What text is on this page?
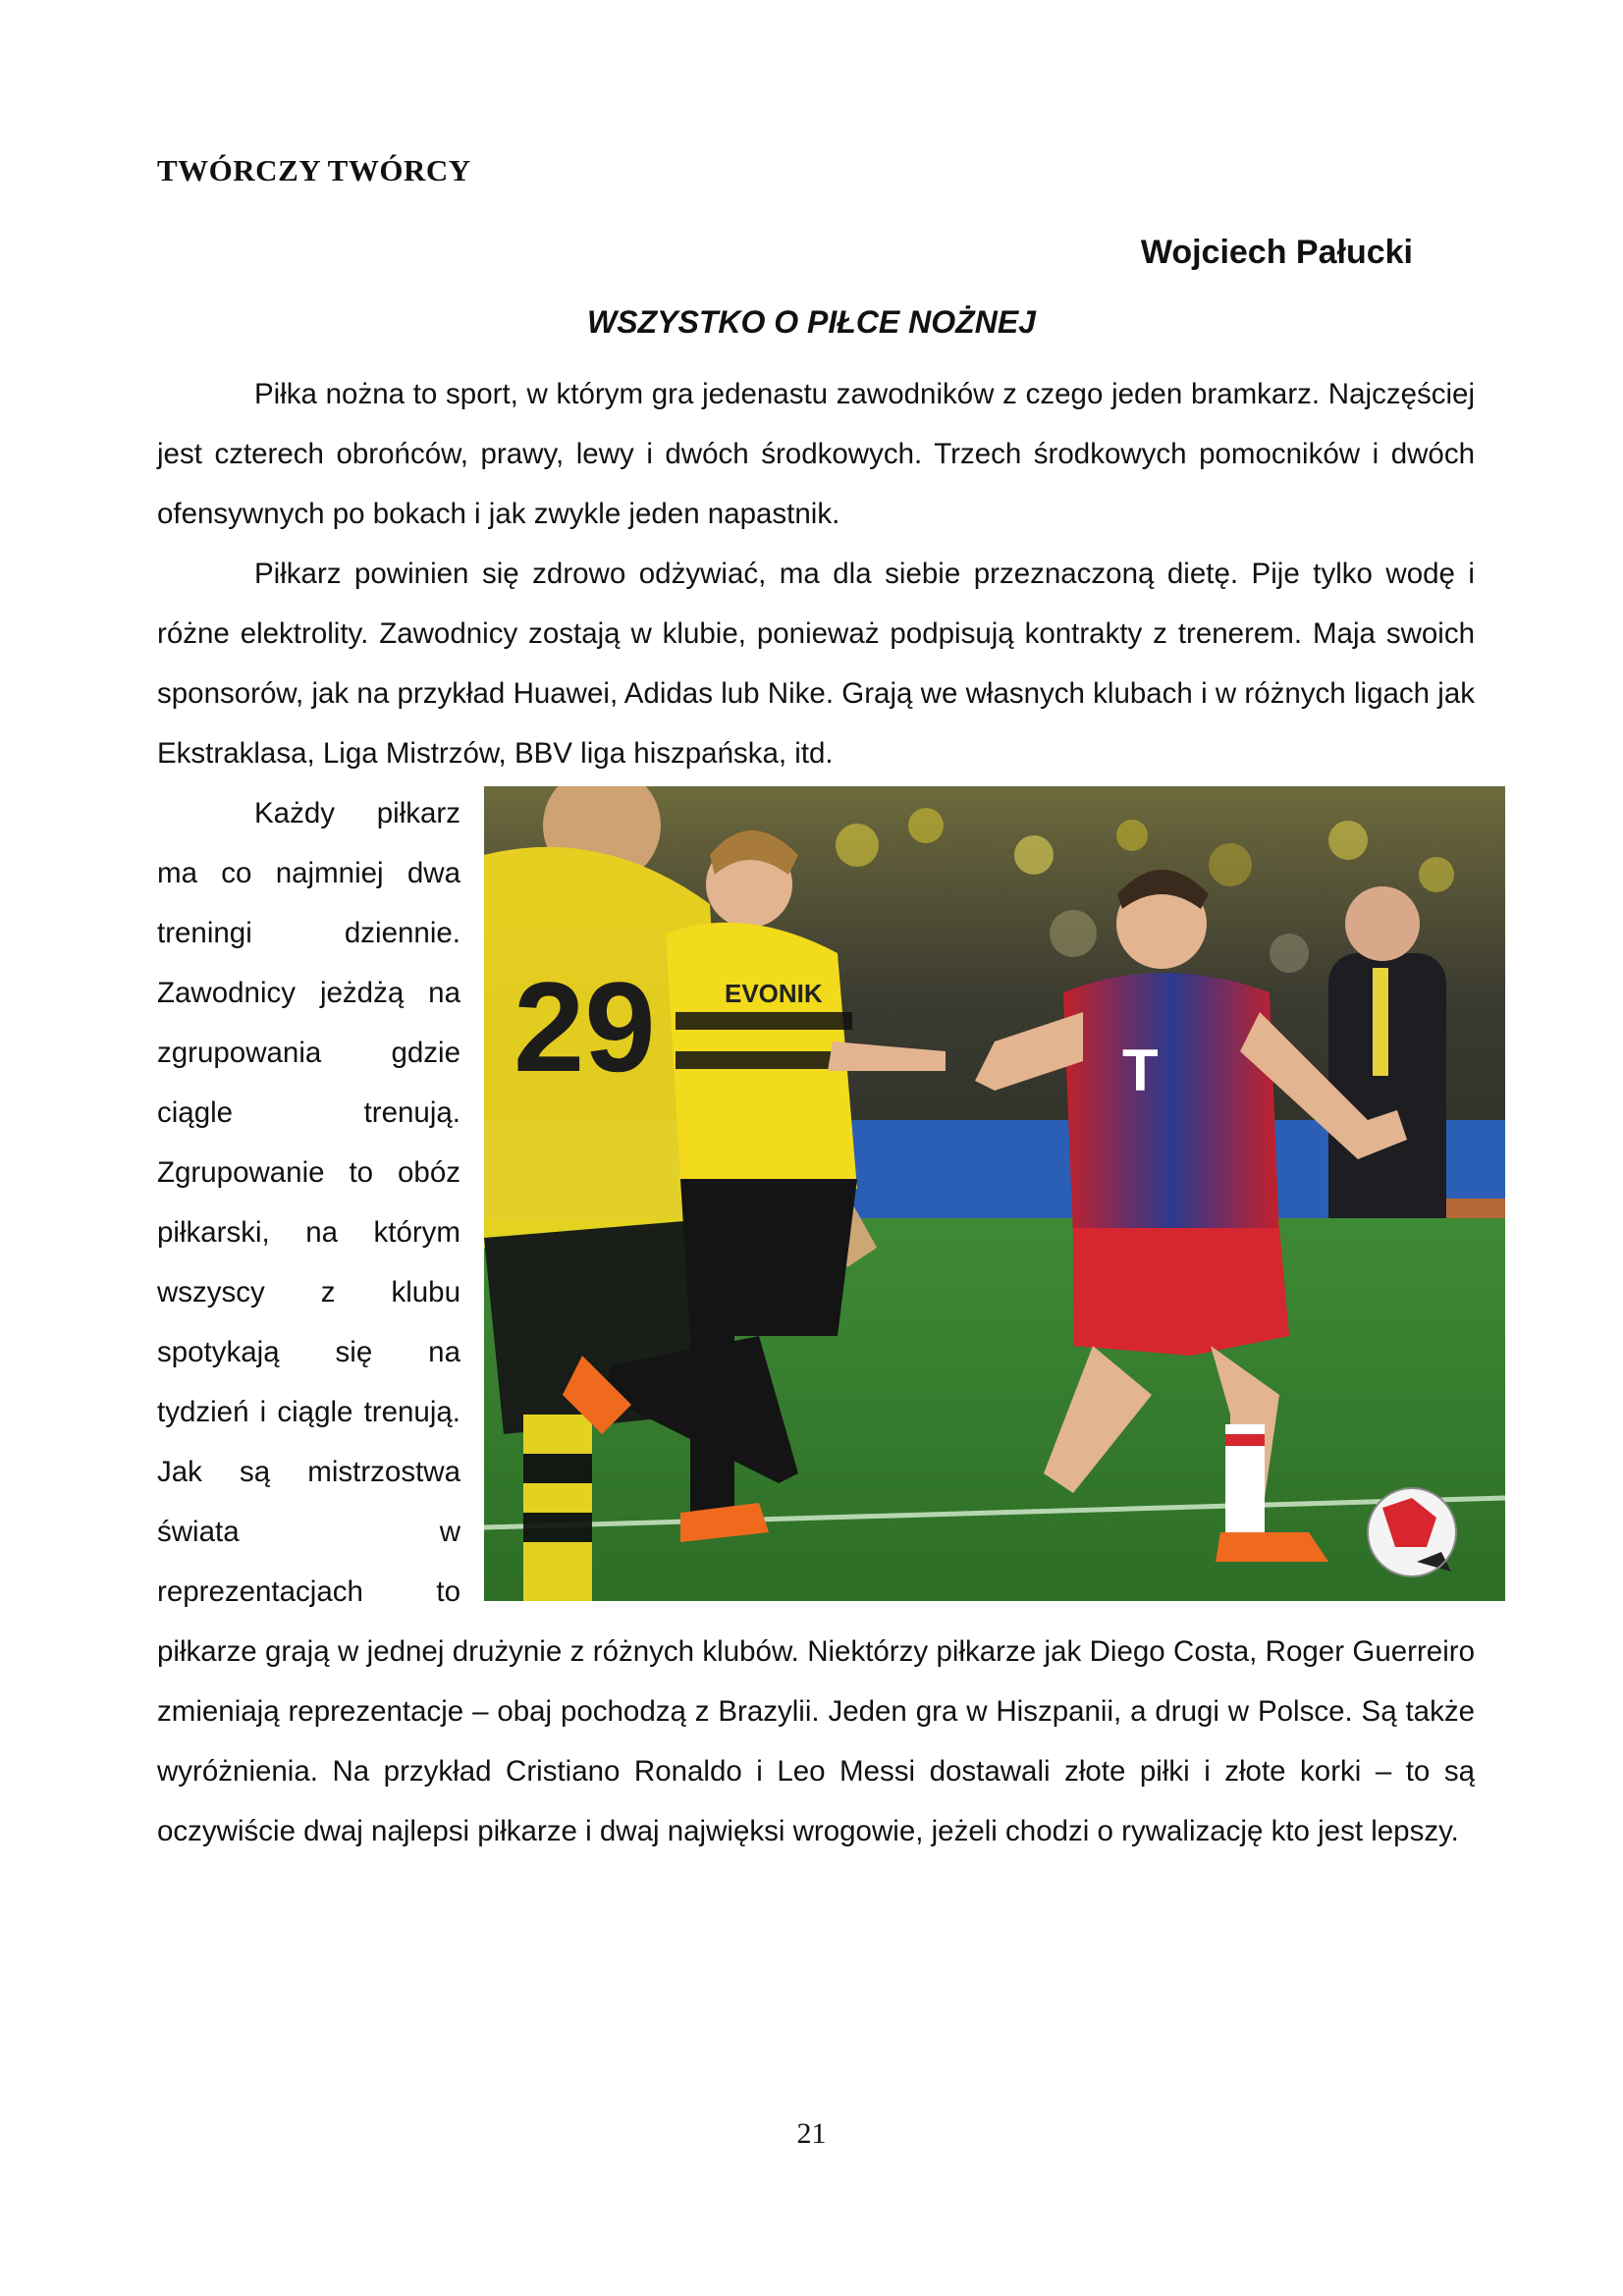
TWÓRCZY TWÓRCY
Wojciech Pałucki
WSZYSTKO O PIŁCE NOŻNEJ

Piłka nożna to sport, w którym gra jedenastu zawodników z czego jeden bramkarz. Najczęściej jest czterech obrońców, prawy, lewy i dwóch środkowych. Trzech środkowych pomocników i dwóch ofensywnych po bokach i jak zwykle jeden napastnik.

Piłkarz powinien się zdrowo odżywiać, ma dla siebie przeznaczoną dietę. Pije tylko wodę i różne elektrolity. Zawodnicy zostają w klubie, ponieważ podpisują kontrakty z trenerem. Maja swoich sponsorów, jak na przykład Huawei, Adidas lub Nike. Grają we własnych klubach i w różnych ligach jak Ekstraklasa, Liga Mistrzów, BBV liga hiszpańska, itd.

29	EVONIK
T

Każdy piłkarz ma co najmniej dwa treningi dziennie. Zawodnicy jeżdżą na zgrupowania gdzie ciągle trenują. Zgrupowanie to obóz piłkarski, na którym wszyscy z klubu spotykają się na tydzień i ciągle trenują. Jak są mistrzostwa świata w reprezentacjach to piłkarze grają w jednej drużynie z różnych klubów. Niektórzy piłkarze jak Diego Costa, Roger Guerreiro zmieniają reprezentacje – obaj pochodzą z Brazylii. Jeden gra w Hiszpanii, a drugi w Polsce. Są także wyróżnienia. Na przykład Cristiano Ronaldo i Leo Messi dostawali złote piłki i złote korki – to są oczywiście dwaj najlepsi piłkarze i dwaj najwięksi wrogowie, jeżeli chodzi o rywalizację kto jest lepszy.

21
